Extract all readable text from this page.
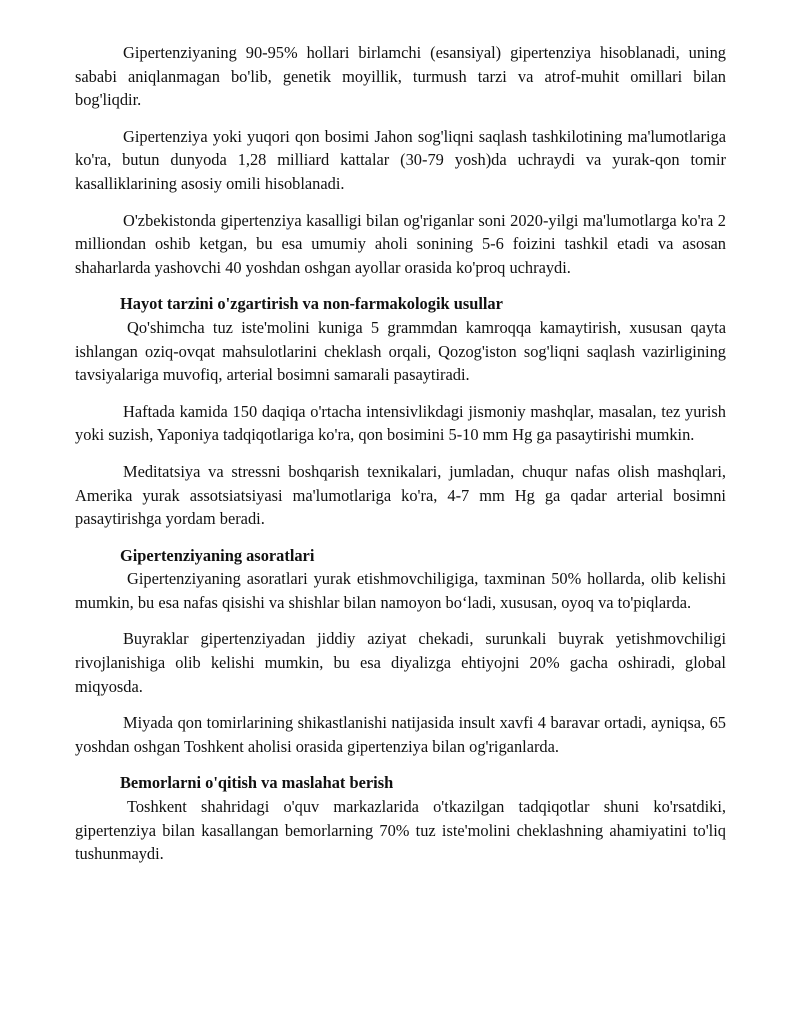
Gipertenziyaning 90-95% hollari birlamchi (esansiyal) gipertenziya hisoblanadi, uning sababi aniqlanmagan bo'lib, genetik moyillik, turmush tarzi va atrof-muhit omillari bilan bog'liqdir.

Gipertenziya yoki yuqori qon bosimi Jahon sog'liqni saqlash tashkilotining ma'lumotlariga ko'ra, butun dunyoda 1,28 milliard kattalar (30-79 yosh)da uchraydi va yurak-qon tomir kasalliklarining asosiy omili hisoblanadi.

O'zbekistonda gipertenziya kasalligi bilan og'riganlar soni 2020-yilgi ma'lumotlarga ko'ra 2 milliondan oshib ketgan, bu esa umumiy aholi sonining 5-6 foizini tashkil etadi va asosan shaharlarda yashovchi 40 yoshdan oshgan ayollar orasida ko'proq uchraydi.

Hayot tarzini o'zgartirish va non-farmakologik usullar

Qo'shimcha tuz iste'molini kuniga 5 grammdan kamroqqa kamaytirish, xususan qayta ishlangan oziq-ovqat mahsulotlarini cheklash orqali, Qozog'iston sog'liqni saqlash vazirligining tavsiyalariga muvofiq, arterial bosimni samarali pasaytiradi.

Haftada kamida 150 daqiqa o'rtacha intensivlikdagi jismoniy mashqlar, masalan, tez yurish yoki suzish, Yaponiya tadqiqotlariga ko'ra, qon bosimini 5-10 mm Hg ga pasaytirishi mumkin.

Meditatsiya va stressni boshqarish texnikalari, jumladan, chuqur nafas olish mashqlari, Amerika yurak assotsiatsiyasi ma'lumotlariga ko'ra, 4-7 mm Hg ga qadar arterial bosimni pasaytirishga yordam beradi.

Gipertenziyaning asoratlari

Gipertenziyaning asoratlari yurak etishmovchiligiga, taxminan 50% hollarda, olib kelishi mumkin, bu esa nafas qisishi va shishlar bilan namoyon bo‘ladi, xususan, oyoq va to'piqlarda.

Buyraklar gipertenziyadan jiddiy aziyat chekadi, surunkali buyrak yetishmovchiligi rivojlanishiga olib kelishi mumkin, bu esa diyalizga ehtiyojni 20% gacha oshiradi, global miqyosda.

Miyada qon tomirlarining shikastlanishi natijasida insult xavfi 4 baravar ortadi, ayniqsa, 65 yoshdan oshgan Toshkent aholisi orasida gipertenziya bilan og'riganlarda.

Bemorlarni o'qitish va maslahat berish

Toshkent shahridagi o'quv markazlarida o'tkazilgan tadqiqotlar shuni ko'rsatdiki, gipertenziya bilan kasallangan bemorlarning 70% tuz iste'molini cheklashning ahamiyatini to'liq tushunmaydi.
